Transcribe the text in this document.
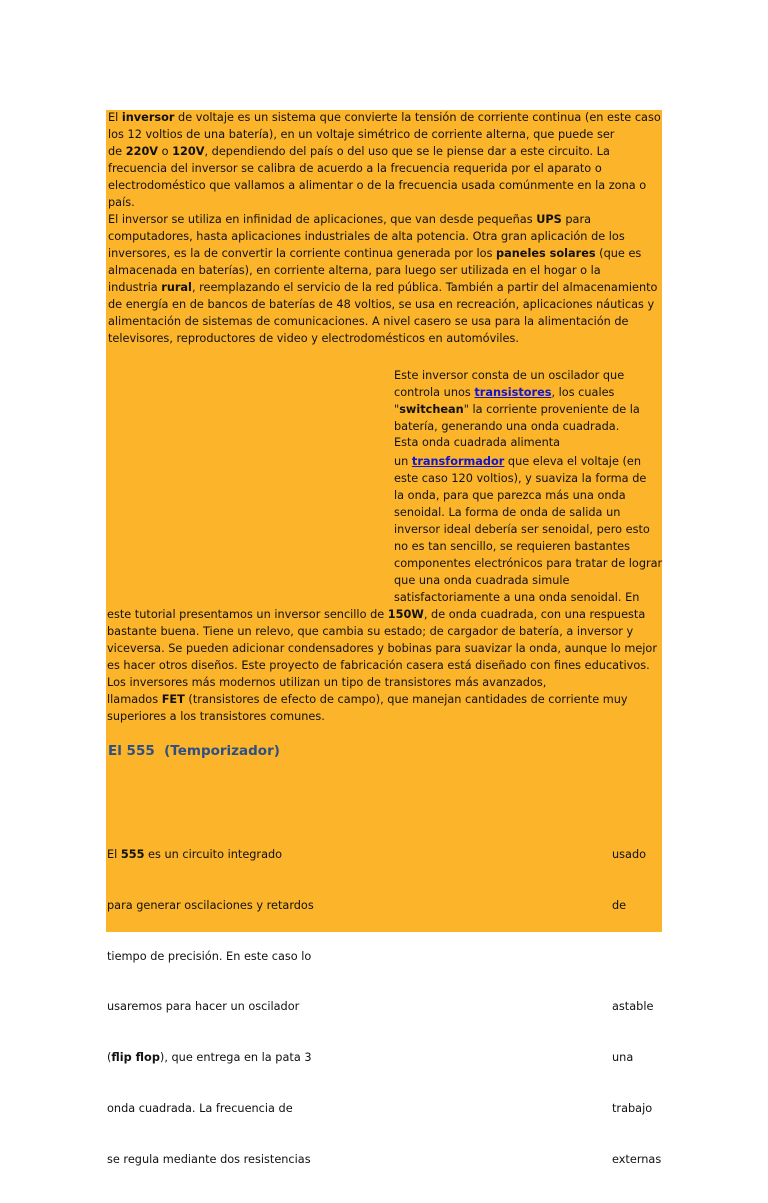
El inversor de voltaje es un sistema que convierte la tensión de corriente continua (en este caso
los 12 voltios de una batería), en un voltaje simétrico de corriente alterna, que puede ser
de 220V o 120V, dependiendo del país o del uso que se le piense dar a este circuito. La
frecuencia del inversor se calibra de acuerdo a la frecuencia requerida por el aparato o
electrodoméstico que vallamos a alimentar o de la frecuencia usada comúnmente en la zona o
país.
El inversor se utiliza en infinidad de aplicaciones, que van desde pequeñas UPS para
computadores, hasta aplicaciones industriales de alta potencia. Otra gran aplicación de los
inversores, es la de convertir la corriente continua generada por los paneles solares (que es
almacenada en baterías), en corriente alterna, para luego ser utilizada en el hogar o la
industria rural, reemplazando el servicio de la red pública. También a partir del almacenamiento
de energía en de bancos de baterías de 48 voltios, se usa en recreación, aplicaciones náuticas y
alimentación de sistemas de comunicaciones. A nivel casero se usa para la alimentación de
televisores, reproductores de video y electrodomésticos en automóviles.
Este inversor consta de un oscilador que
controla unos transistores, los cuales
"switchean" la corriente proveniente de la
batería, generando una onda cuadrada.
Esta onda cuadrada alimenta
un transformador que eleva el voltaje (en
este caso 120 voltios), y suaviza la forma de
la onda, para que parezca más una onda
senoidal. La forma de onda de salida un
inversor ideal debería ser senoidal, pero esto
no es tan sencillo, se requieren bastantes
componentes electrónicos para tratar de lograr
que una onda cuadrada simule
satisfactoriamente a una onda senoidal. En
este tutorial presentamos un inversor sencillo de 150W, de onda cuadrada, con una respuesta
bastante buena. Tiene un relevo, que cambia su estado; de cargador de batería, a inversor y
viceversa. Se pueden adicionar condensadores y bobinas para suavizar la onda, aunque lo mejor
es hacer otros diseños. Este proyecto de fabricación casera está diseñado con fines educativos.
Los inversores más modernos utilizan un tipo de transistores más avanzados,
llamados FET (transistores de efecto de campo), que manejan cantidades de corriente muy
superiores a los transistores comunes.
El 555  (Temporizador)

El 555 es un circuito integrado

para generar oscilaciones y retardos

tiempo de precisión. En este caso lo

usaremos para hacer un oscilador

(flip flop), que entrega en la pata 3

onda cuadrada. La frecuencia de

se regula mediante dos resistencias

usado

de

astable

una

trabajo

externas
